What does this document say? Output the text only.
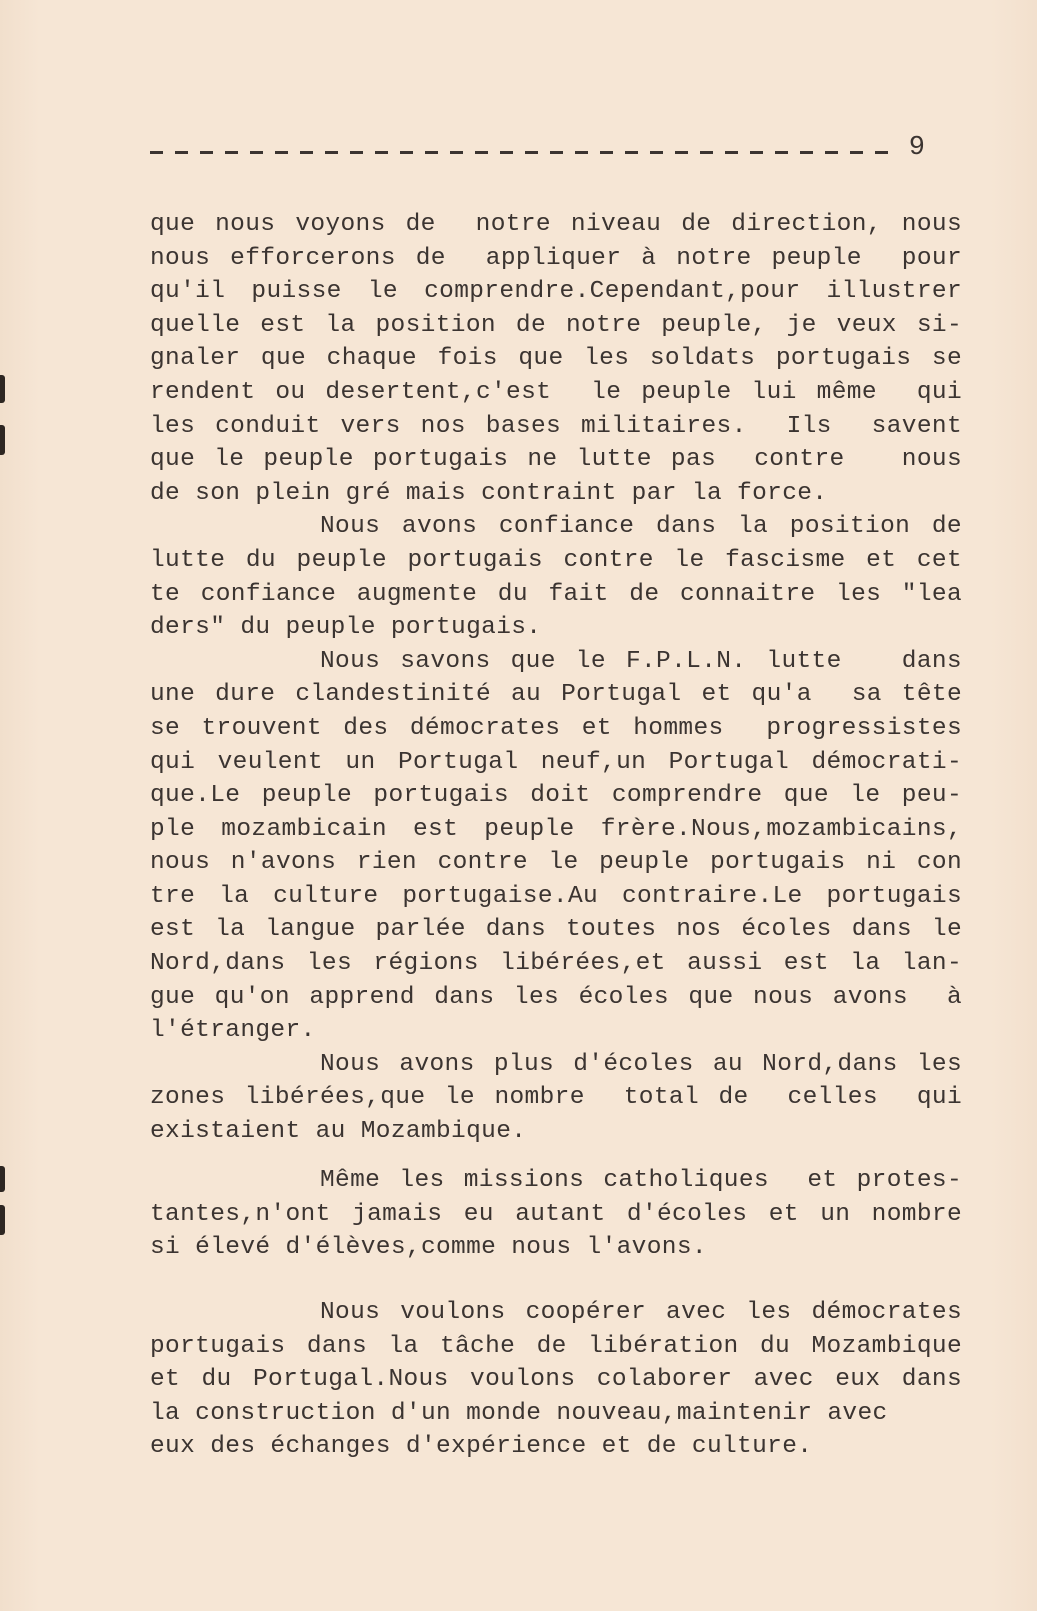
9
que nous voyons de  notre niveau de direction, nous
nous efforcerons de  appliquer à notre peuple  pour
qu'il puisse le comprendre.Cependant,pour illustrer
quelle est la position de notre peuple, je veux si-
gnaler que chaque fois que les soldats portugais se
rendent ou desertent,c'est  le peuple lui même  qui
les conduit vers nos bases militaires.  Ils  savent
que le peuple portugais ne lutte pas  contre   nous
de son plein gré mais contraint par la force.
Nous avons confiance dans la position de
lutte du peuple portugais contre le fascisme et cet
te confiance augmente du fait de connaitre les "lea
ders" du peuple portugais.
Nous savons que le F.P.L.N. lutte   dans
une dure clandestinité au Portugal et qu'a  sa tête
se trouvent des démocrates et hommes  progressistes
qui veulent un Portugal neuf,un Portugal démocrati-
que.Le peuple portugais doit comprendre que le peu-
ple mozambicain est peuple frère.Nous,mozambicains,
nous n'avons rien contre le peuple portugais ni con
tre la culture portugaise.Au contraire.Le portugais
est la langue parlée dans toutes nos écoles dans le
Nord,dans les régions libérées,et aussi est la lan-
gue qu'on apprend dans les écoles que nous avons  à
l'étranger.
Nous avons plus d'écoles au Nord,dans les
zones libérées,que le nombre  total de  celles  qui
existaient au Mozambique.
Même les missions catholiques  et protes-
tantes,n'ont jamais eu autant d'écoles et un nombre
si élevé d'élèves,comme nous l'avons.
Nous voulons coopérer avec les démocrates
portugais dans la tâche de libération du Mozambique
et du Portugal.Nous voulons colaborer avec eux dans
la construction d'un monde nouveau,maintenir avec
eux des échanges d'expérience et de culture.
